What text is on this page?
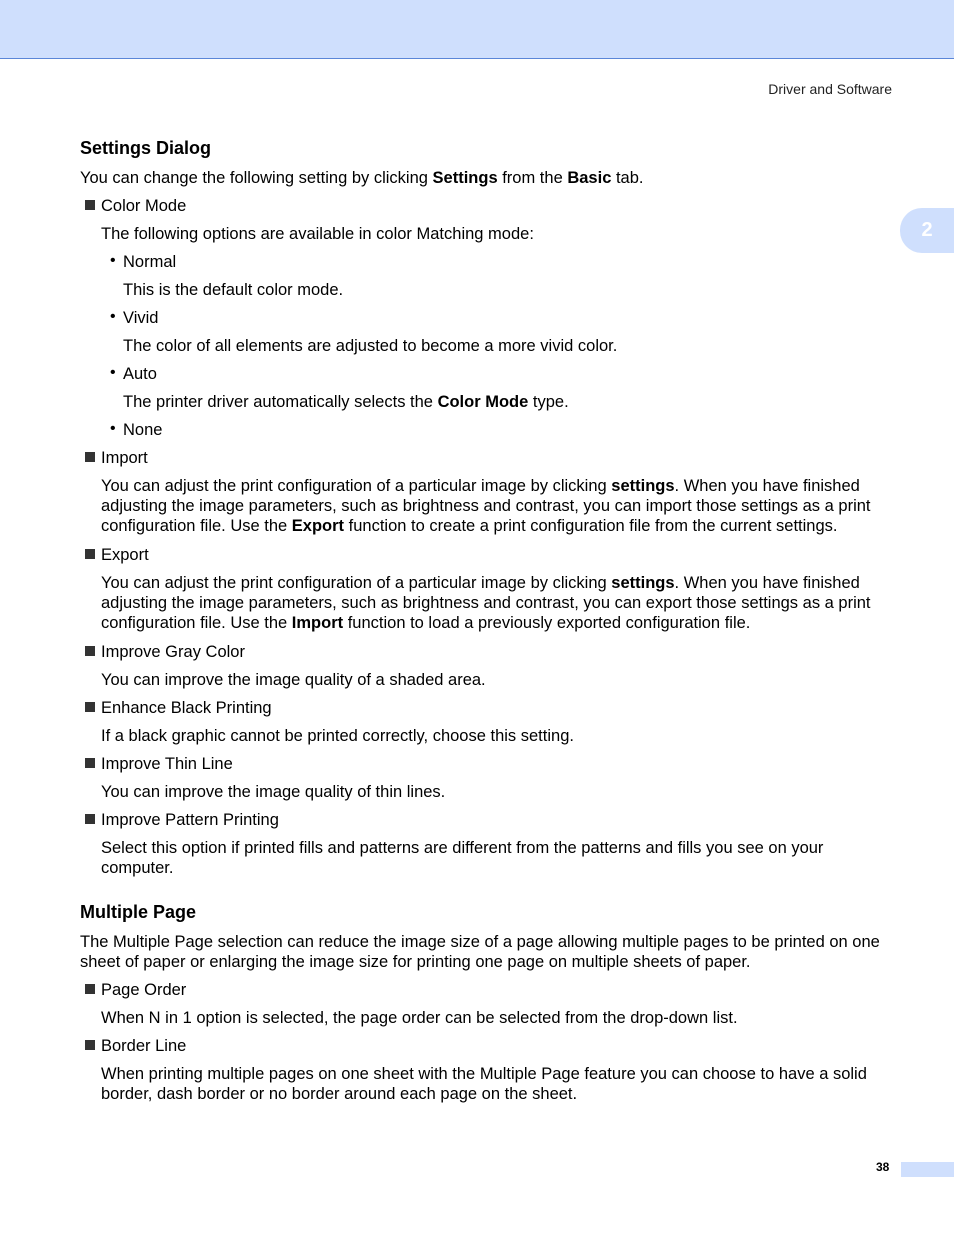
Driver and Software
2
Settings Dialog
You can change the following setting by clicking Settings from the Basic tab.
Color Mode
The following options are available in color Matching mode:
• Normal
This is the default color mode.
• Vivid
The color of all elements are adjusted to become a more vivid color.
• Auto
The printer driver automatically selects the Color Mode type.
• None
Import
You can adjust the print configuration of a particular image by clicking settings. When you have finished adjusting the image parameters, such as brightness and contrast, you can import those settings as a print configuration file. Use the Export function to create a print configuration file from the current settings.
Export
You can adjust the print configuration of a particular image by clicking settings. When you have finished adjusting the image parameters, such as brightness and contrast, you can export those settings as a print configuration file. Use the Import function to load a previously exported configuration file.
Improve Gray Color
You can improve the image quality of a shaded area.
Enhance Black Printing
If a black graphic cannot be printed correctly, choose this setting.
Improve Thin Line
You can improve the image quality of thin lines.
Improve Pattern Printing
Select this option if printed fills and patterns are different from the patterns and fills you see on your computer.
Multiple Page
The Multiple Page selection can reduce the image size of a page allowing multiple pages to be printed on one sheet of paper or enlarging the image size for printing one page on multiple sheets of paper.
Page Order
When N in 1 option is selected, the page order can be selected from the drop-down list.
Border Line
When printing multiple pages on one sheet with the Multiple Page feature you can choose to have a solid border, dash border or no border around each page on the sheet.
38
